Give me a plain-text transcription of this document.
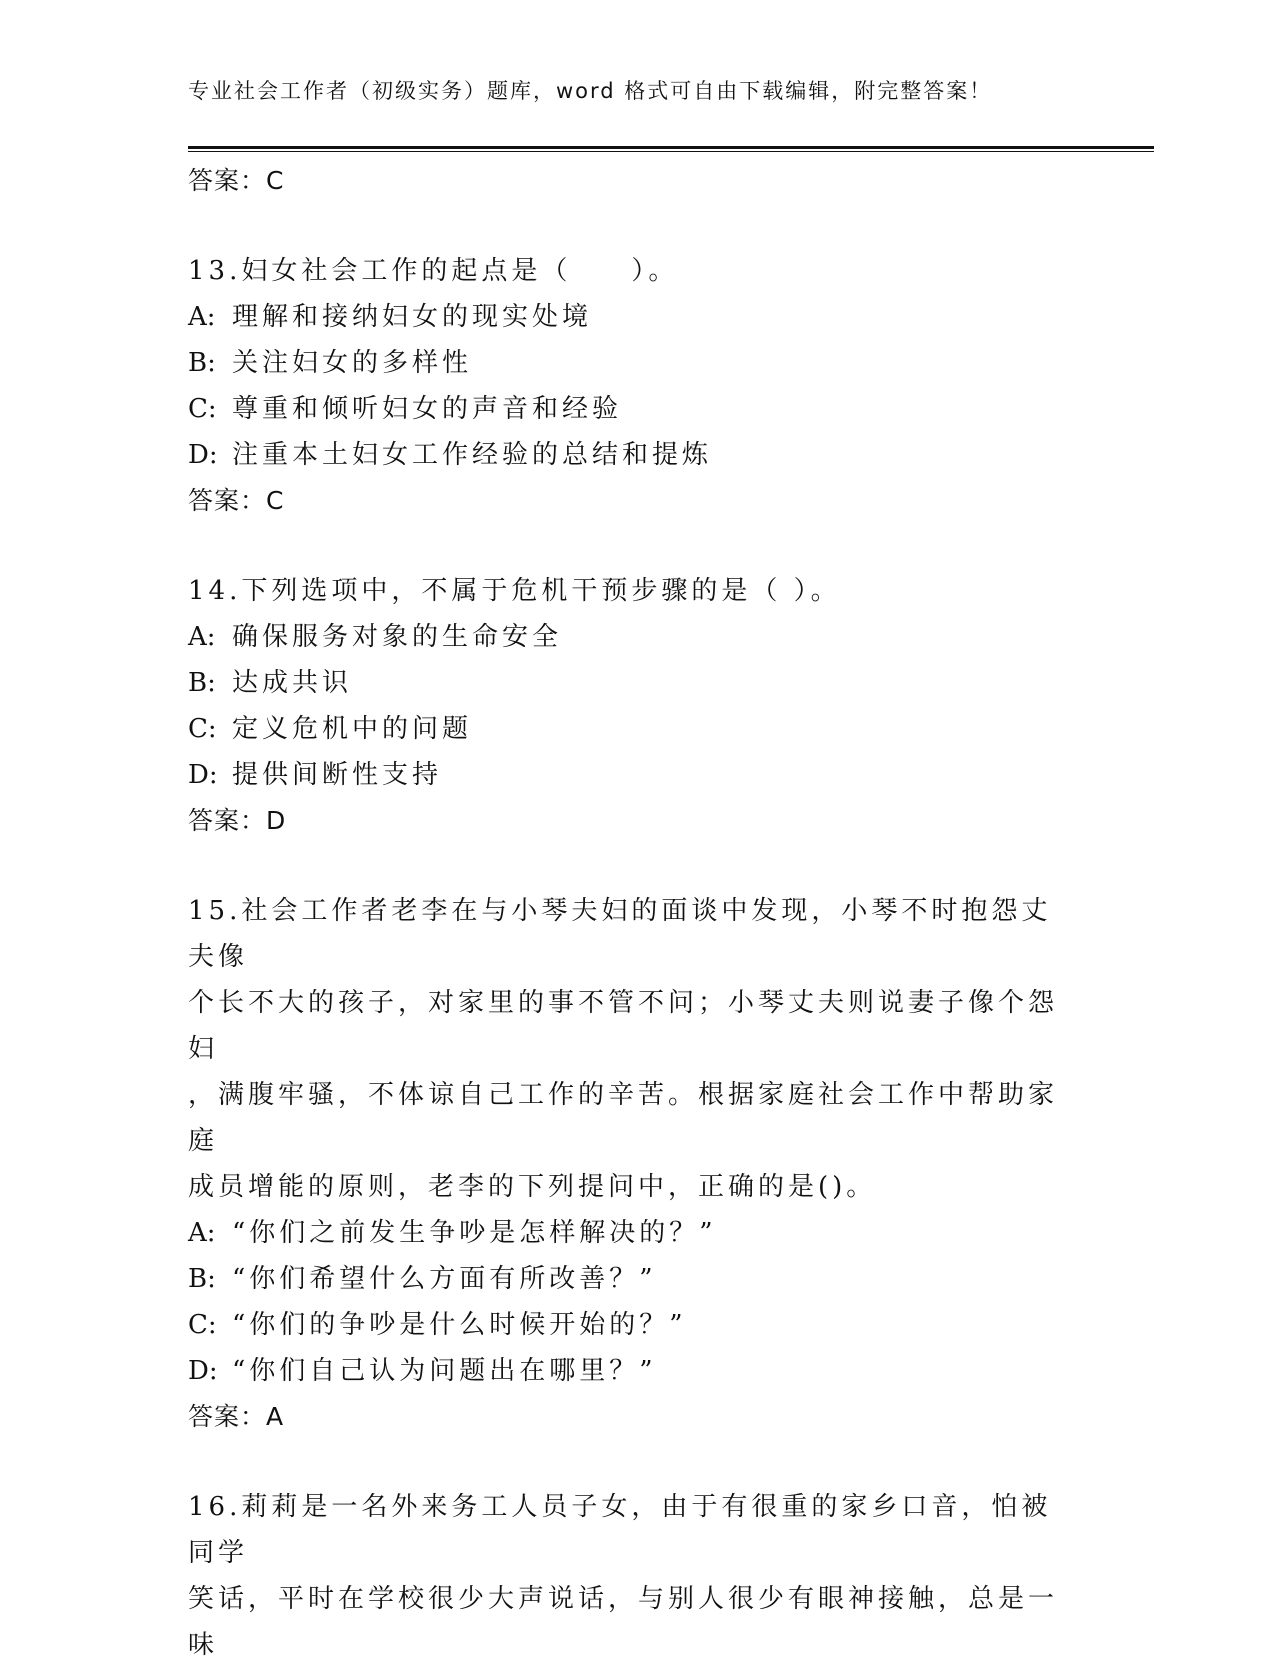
专业社会工作者（初级实务）题库，word 格式可自由下载编辑，附完整答案！
答案：C
13.妇女社会工作的起点是（　　）。
A: 理解和接纳妇女的现实处境
B: 关注妇女的多样性
C: 尊重和倾听妇女的声音和经验
D: 注重本土妇女工作经验的总结和提炼
答案：C
14.下列选项中，不属于危机干预步骤的是（ ）。
A: 确保服务对象的生命安全
B: 达成共识
C: 定义危机中的问题
D: 提供间断性支持
答案：D
15.社会工作者老李在与小琴夫妇的面谈中发现，小琴不时抱怨丈夫像
个长不大的孩子，对家里的事不管不问；小琴丈夫则说妻子像个怨妇
，满腹牢骚，不体谅自己工作的辛苦。根据家庭社会工作中帮助家庭
成员增能的原则，老李的下列提问中，正确的是()。
A: “你们之前发生争吵是怎样解决的？”
B: “你们希望什么方面有所改善？”
C: “你们的争吵是什么时候开始的？”
D: “你们自己认为问题出在哪里？”
答案：A
16.莉莉是一名外来务工人员子女，由于有很重的家乡口音，怕被同学
笑话，平时在学校很少大声说话，与别人很少有眼神接触，总是一味
